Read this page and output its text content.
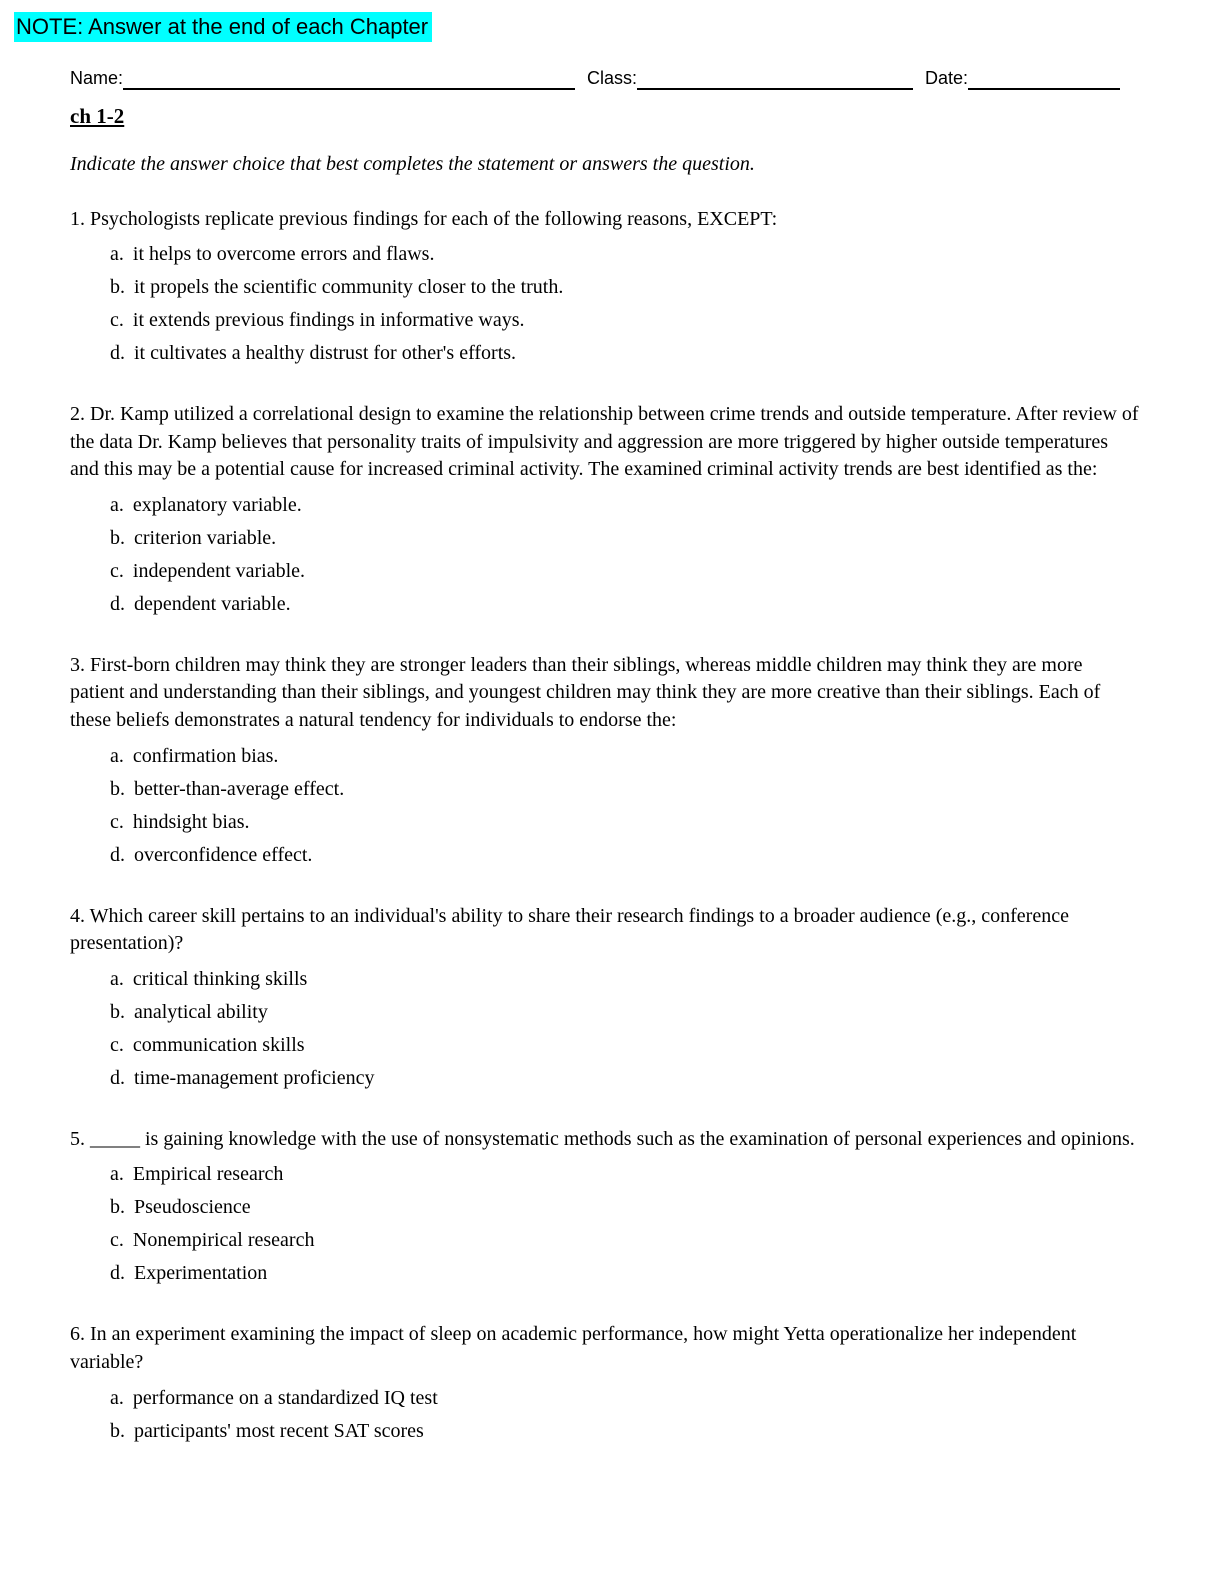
NOTE: Answer at the end of each Chapter
Name:	Class:	Date:
ch 1-2

Indicate the answer choice that best completes the statement or answers the question.

1. Psychologists replicate previous findings for each of the following reasons, EXCEPT:

a. it helps to overcome errors and flaws.
b. it propels the scientific community closer to the truth.
c. it extends previous findings in informative ways.
d. it cultivates a healthy distrust for other's efforts.

2. Dr. Kamp utilized a correlational design to examine the relationship between crime trends and outside temperature. After review of the data Dr. Kamp believes that personality traits of impulsivity and aggression are more triggered by higher outside temperatures and this may be a potential cause for increased criminal activity. The examined criminal activity trends are best identified as the:

a. explanatory variable.
b. criterion variable.
c. independent variable.
d. dependent variable.

3. First-born children may think they are stronger leaders than their siblings, whereas middle children may think they are more patient and understanding than their siblings, and youngest children may think they are more creative than their siblings. Each of these beliefs demonstrates a natural tendency for individuals to endorse the:

a. confirmation bias.
b. better-than-average effect.
c. hindsight bias.
d. overconfidence effect.

4. Which career skill pertains to an individual's ability to share their research findings to a broader audience (e.g., conference presentation)?

a. critical thinking skills
b. analytical ability
c. communication skills
d. time-management proficiency

5. _____ is gaining knowledge with the use of nonsystematic methods such as the examination of personal experiences and opinions.

a. Empirical research
b. Pseudoscience
c. Nonempirical research
d. Experimentation

6. In an experiment examining the impact of sleep on academic performance, how might Yetta operationalize her independent variable?

a. performance on a standardized IQ test
b. participants' most recent SAT scores
